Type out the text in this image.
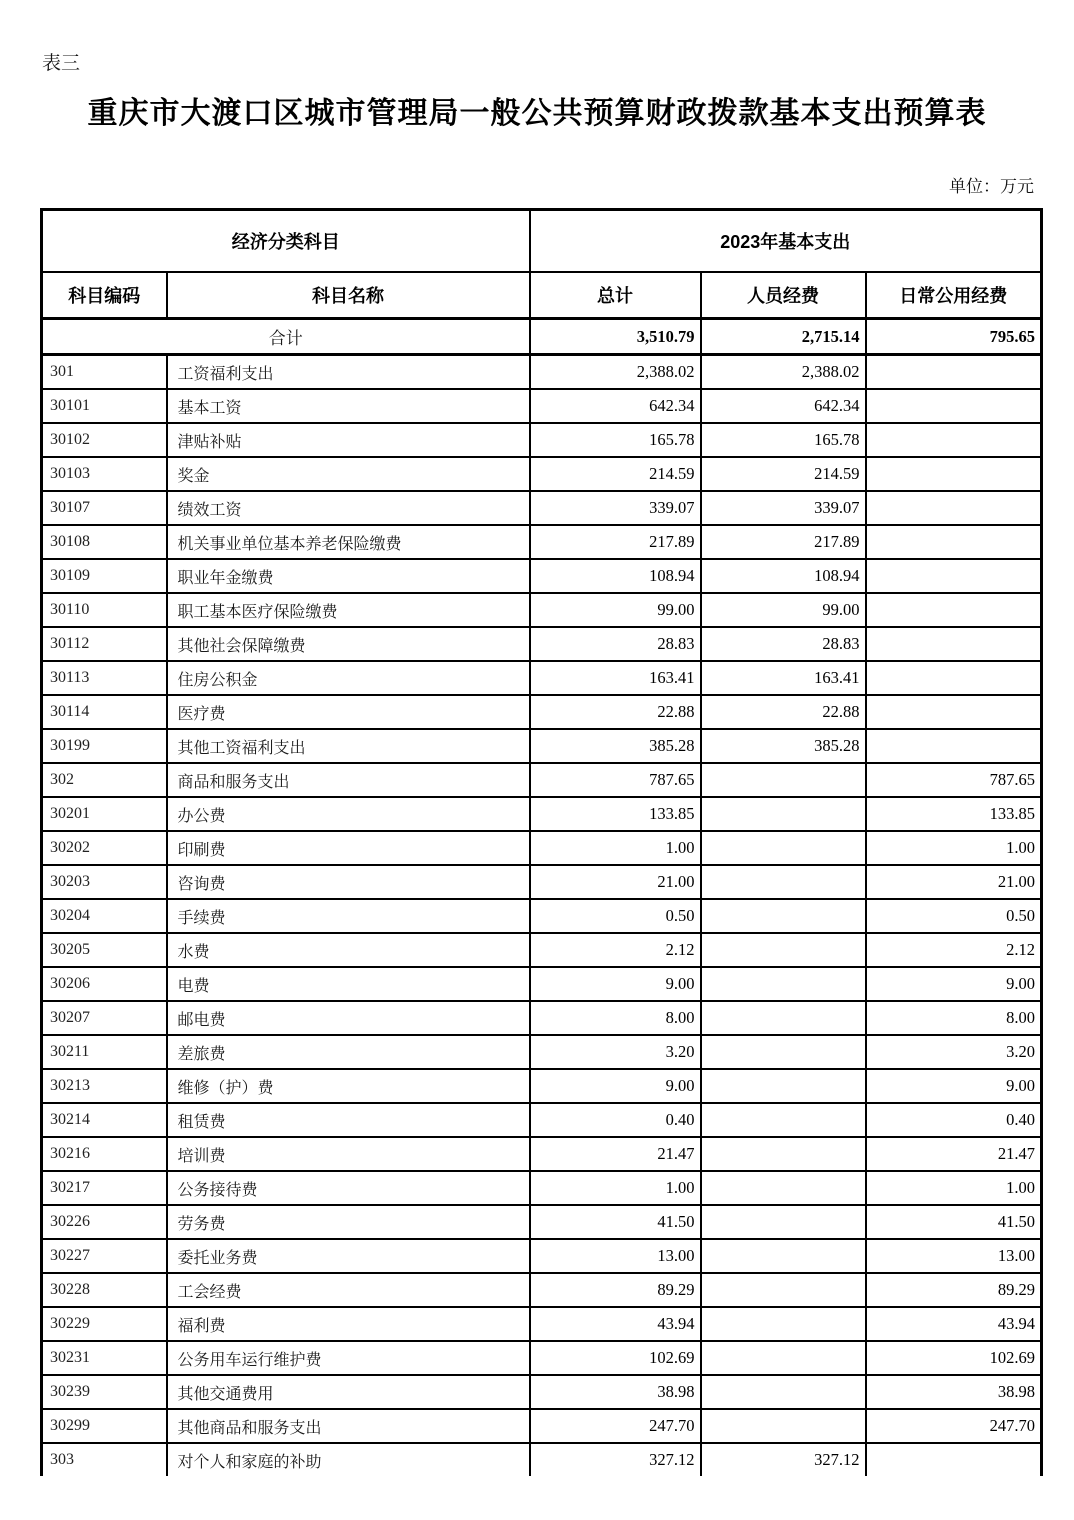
表三
重庆市大渡口区城市管理局一般公共预算财政拨款基本支出预算表
单位：万元
经济分类科目		2023年基本支出		
科目编码	科目名称	总计	人员经费	日常公用经费
合计		3,510.79	2,715.14	795.65
301	工资福利支出	2,388.02	2,388.02	
30101	基本工资	642.34	642.34	
30102	津贴补贴	165.78	165.78	
30103	奖金	214.59	214.59	
30107	绩效工资	339.07	339.07	
30108	机关事业单位基本养老保险缴费	217.89	217.89	
30109	职业年金缴费	108.94	108.94	
30110	职工基本医疗保险缴费	99.00	99.00	
30112	其他社会保障缴费	28.83	28.83	
30113	住房公积金	163.41	163.41	
30114	医疗费	22.88	22.88	
30199	其他工资福利支出	385.28	385.28	
302	商品和服务支出	787.65		787.65
30201	办公费	133.85		133.85
30202	印刷费	1.00		1.00
30203	咨询费	21.00		21.00
30204	手续费	0.50		0.50
30205	水费	2.12		2.12
30206	电费	9.00		9.00
30207	邮电费	8.00		8.00
30211	差旅费	3.20		3.20
30213	维修（护）费	9.00		9.00
30214	租赁费	0.40		0.40
30216	培训费	21.47		21.47
30217	公务接待费	1.00		1.00
30226	劳务费	41.50		41.50
30227	委托业务费	13.00		13.00
30228	工会经费	89.29		89.29
30229	福利费	43.94		43.94
30231	公务用车运行维护费	102.69		102.69
30239	其他交通费用	38.98		38.98
30299	其他商品和服务支出	247.70		247.70
303	对个人和家庭的补助	327.12	327.12	
